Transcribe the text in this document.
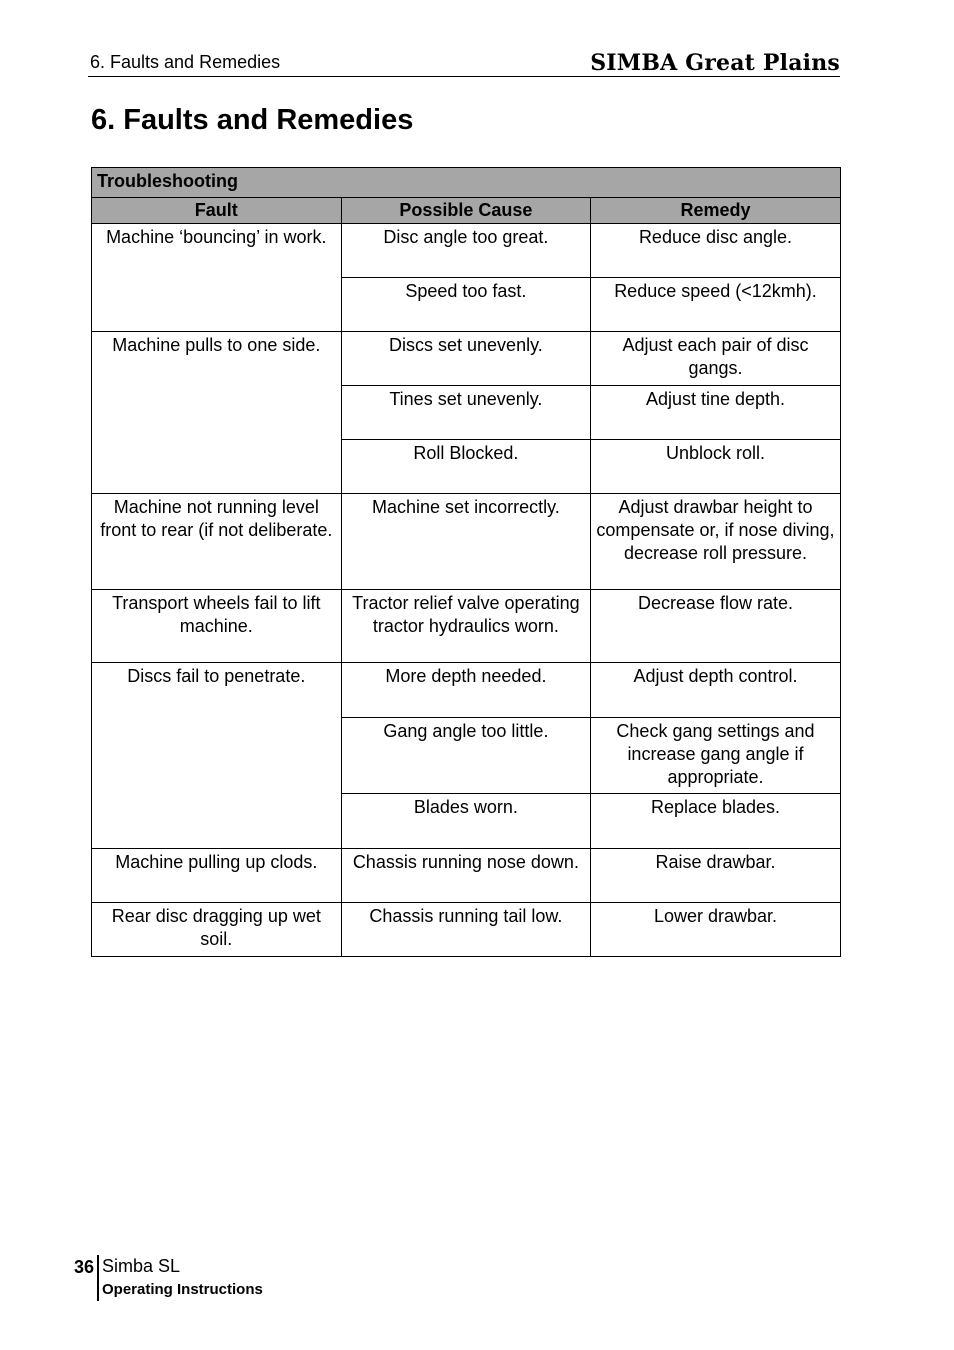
6. Faults and Remedies	SIMBA Great Plains
6. Faults and Remedies
Troubleshooting		
Fault	Possible Cause	Remedy
Machine ‘bouncing’ in work.	Disc angle too great.	Reduce disc angle.
	Speed too fast.	Reduce speed (<12kmh).
Machine pulls to one side.	Discs set unevenly.	Adjust each pair of disc gangs.
	Tines set unevenly.	Adjust tine depth.
	Roll Blocked.	Unblock roll.
Machine not running level front to rear (if not deliberate.	Machine set incorrectly.	Adjust drawbar height to compensate or, if nose diving, decrease roll pressure.
Transport wheels fail to lift machine.	Tractor relief valve operating tractor hydraulics worn.	Decrease flow rate.
Discs fail to penetrate.	More depth needed.	Adjust depth control.
	Gang angle too little.	Check gang settings and increase gang angle if appropriate.
	Blades worn.	Replace blades.
Machine pulling up clods.	Chassis running nose down.	Raise drawbar.
Rear disc dragging up wet soil.	Chassis running tail low.	Lower drawbar.
36 Simba SL
Operating Instructions
